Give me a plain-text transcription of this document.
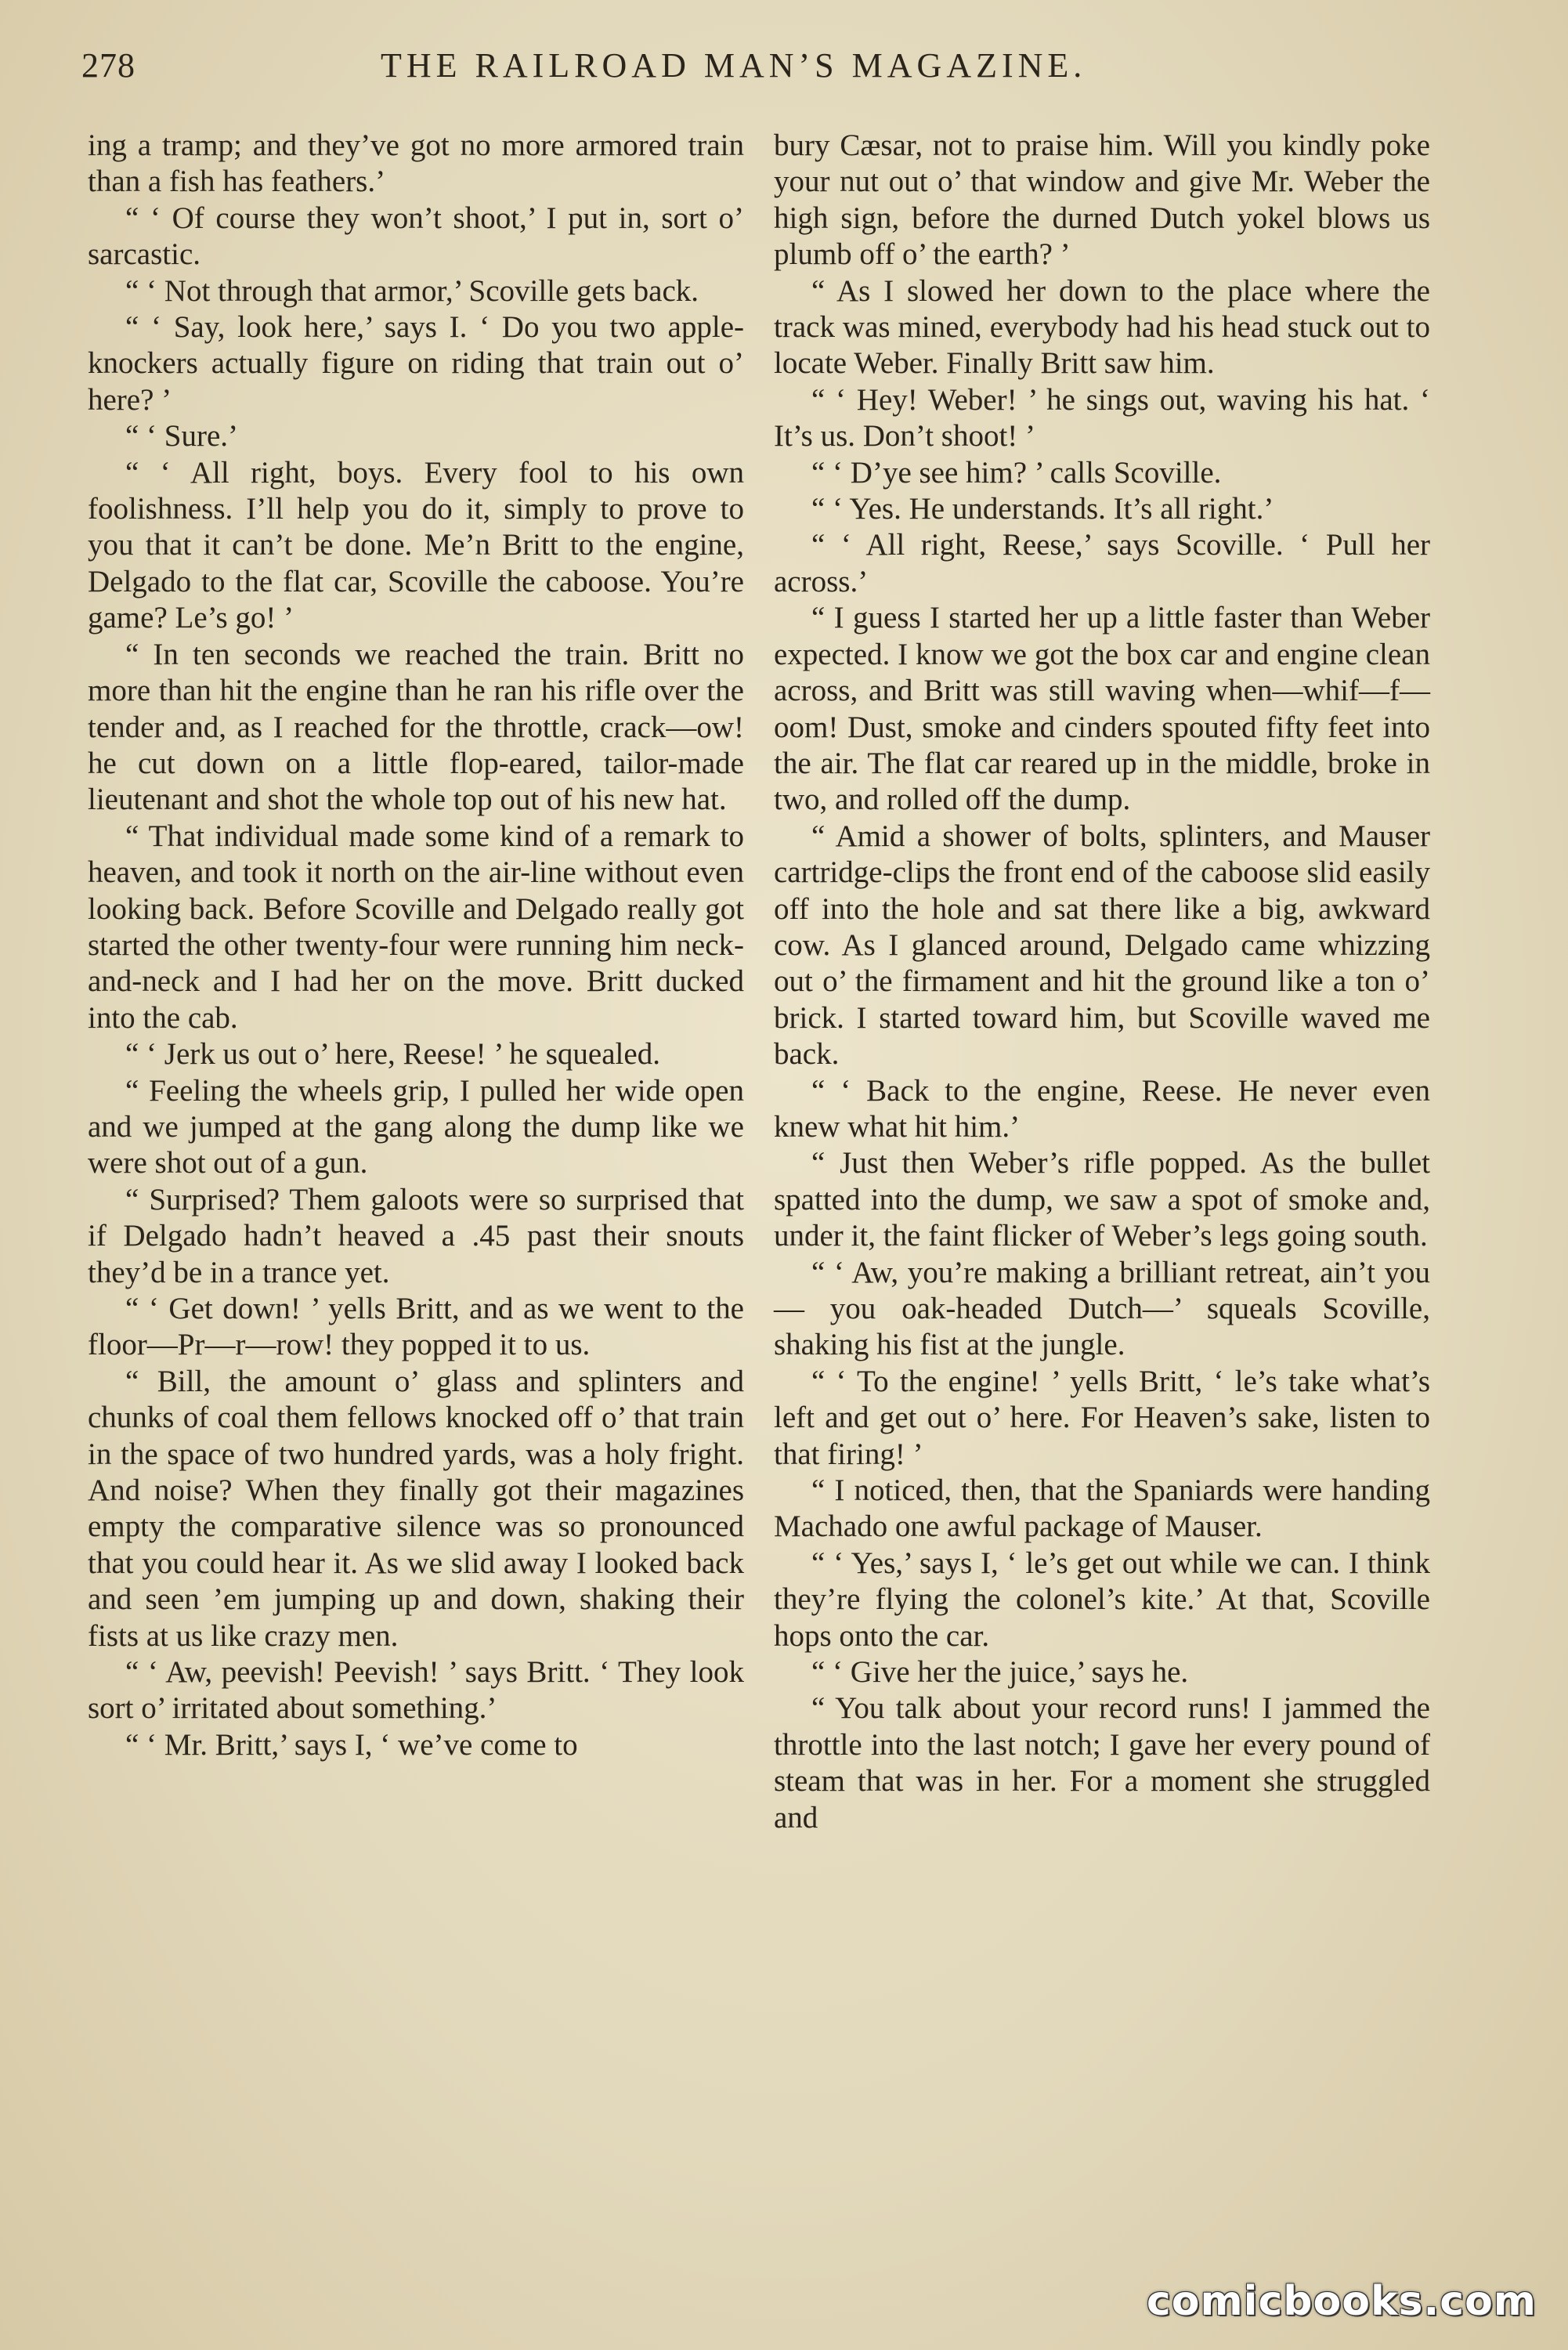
278	THE RAILROAD MAN’S MAGAZINE.

ing a tramp; and they’ve got no more armored train than a fish has feathers.’

“ ‘ Of course they won’t shoot,’ I put in, sort o’ sarcastic.

“ ‘ Not through that armor,’ Scoville gets back.

“ ‘ Say, look here,’ says I. ‘ Do you two apple-knockers actually figure on riding that train out o’ here? ’

“ ‘ Sure.’

“ ‘ All right, boys. Every fool to his own foolishness. I’ll help you do it, simply to prove to you that it can’t be done. Me’n Britt to the engine, Delgado to the flat car, Scoville the caboose. You’re game? Le’s go! ’

“ In ten seconds we reached the train. Britt no more than hit the engine than he ran his rifle over the tender and, as I reached for the throttle, crack—ow! he cut down on a little flop-eared, tailor-made lieutenant and shot the whole top out of his new hat.

“ That individual made some kind of a remark to heaven, and took it north on the air-line without even looking back. Before Scoville and Delgado really got started the other twenty-four were running him neck-and-neck and I had her on the move. Britt ducked into the cab.

“ ‘ Jerk us out o’ here, Reese! ’ he squealed.

“ Feeling the wheels grip, I pulled her wide open and we jumped at the gang along the dump like we were shot out of a gun.

“ Surprised? Them galoots were so surprised that if Delgado hadn’t heaved a .45 past their snouts they’d be in a trance yet.

“ ‘ Get down! ’ yells Britt, and as we went to the floor—Pr—r—row! they popped it to us.

“ Bill, the amount o’ glass and splinters and chunks of coal them fellows knocked off o’ that train in the space of two hundred yards, was a holy fright. And noise? When they finally got their magazines empty the comparative silence was so pronounced that you could hear it. As we slid away I looked back and seen ’em jumping up and down, shaking their fists at us like crazy men.

“ ‘ Aw, peevish! Peevish! ’ says Britt. ‘ They look sort o’ irritated about something.’

“ ‘ Mr. Britt,’ says I, ‘ we’ve come to

bury Cæsar, not to praise him. Will you kindly poke your nut out o’ that window and give Mr. Weber the high sign, before the durned Dutch yokel blows us plumb off o’ the earth? ’

“ As I slowed her down to the place where the track was mined, everybody had his head stuck out to locate Weber. Finally Britt saw him.

“ ‘ Hey! Weber! ’ he sings out, waving his hat. ‘ It’s us. Don’t shoot! ’

“ ‘ D’ye see him? ’ calls Scoville.

“ ‘ Yes. He understands. It’s all right.’

“ ‘ All right, Reese,’ says Scoville. ‘ Pull her across.’

“ I guess I started her up a little faster than Weber expected. I know we got the box car and engine clean across, and Britt was still waving when—whif—f—oom! Dust, smoke and cinders spouted fifty feet into the air. The flat car reared up in the middle, broke in two, and rolled off the dump.

“ Amid a shower of bolts, splinters, and Mauser cartridge-clips the front end of the caboose slid easily off into the hole and sat there like a big, awkward cow. As I glanced around, Delgado came whizzing out o’ the firmament and hit the ground like a ton o’ brick. I started toward him, but Scoville waved me back.

“ ‘ Back to the engine, Reese. He never even knew what hit him.’

“ Just then Weber’s rifle popped. As the bullet spatted into the dump, we saw a spot of smoke and, under it, the faint flicker of Weber’s legs going south.

“ ‘ Aw, you’re making a brilliant retreat, ain’t you — you oak-headed Dutch—’ squeals Scoville, shaking his fist at the jungle.

“ ‘ To the engine! ’ yells Britt, ‘ le’s take what’s left and get out o’ here. For Heaven’s sake, listen to that firing! ’

“ I noticed, then, that the Spaniards were handing Machado one awful package of Mauser.

“ ‘ Yes,’ says I, ‘ le’s get out while we can. I think they’re flying the colonel’s kite.’ At that, Scoville hops onto the car.

“ ‘ Give her the juice,’ says he.

“ You talk about your record runs! I jammed the throttle into the last notch; I gave her every pound of steam that was in her. For a moment she struggled and

comicbooks.com
